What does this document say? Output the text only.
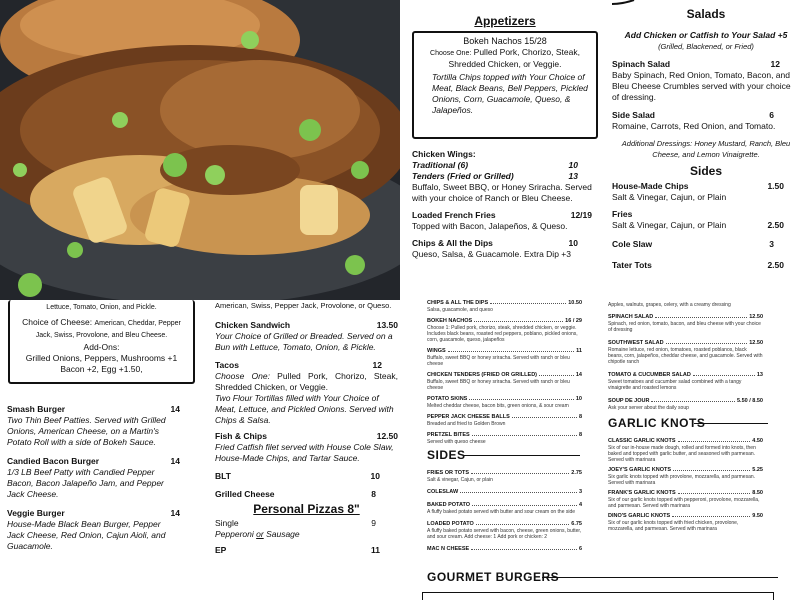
Appetizers
Bokeh Nachos 15/28
Choose One: Pulled Pork, Chorizo, Steak, Shredded Chicken, or Veggie.
Tortilla Chips topped with Your Choice of Meat, Black Beans, Bell Peppers, Pickled Onions, Corn, Guacamole, Queso, & Jalapeños.
Chicken Wings:
Traditional (6)	10
Tenders (Fried or Grilled)	13
Buffalo, Sweet BBQ, or Honey Sriracha. Served with your choice of Ranch or Bleu Cheese.
Loaded French Fries	12/19
Topped with Bacon, Jalapeños, & Queso.
Chips & All the Dips	10
Queso, Salsa, & Guacamole. Extra Dip +3
Salads
Add Chicken or Catfish to Your Salad +5
(Grilled, Blackened, or Fried)
Spinach Salad	12
Baby Spinach, Red Onion, Tomato, Bacon, and Bleu Cheese Crumbles served with your choice of dressing.
Side Salad	6
Romaine, Carrots, Red Onion, and Tomato.
Additional Dressings: Honey Mustard, Ranch, Bleu Cheese, and Lemon Vinaigrette.
Sides
House-Made Chips	1.50
Salt & Vinegar, Cajun, or Plain
Fries
Salt & Vinegar, Cajun, or Plain	2.50
Cole Slaw	3
Tater Tots	2.50
Lettuce, Tomato, Onion, and Pickle.
Choice of Cheese: American, Cheddar, Pepper Jack, Swiss, Provolone, and Bleu Cheese.
Add-Ons:
Grilled Onions, Peppers, Mushrooms +1 Bacon +2, Egg +1.50,
Smash Burger	14
Two Thin Beef Patties. Served with Grilled Onions, American Cheese, on a Martin's Potato Roll with a side of Bokeh Sauce.
Candied Bacon Burger	14
1/3 LB Beef Patty with Candied Pepper Bacon, Bacon Jalapeño Jam, and Pepper Jack Cheese.
Veggie Burger	14
House-Made Black Bean Burger, Pepper Jack Cheese, Red Onion, Cajun Aioli, and Guacamole.
American, Swiss, Pepper Jack, Provolone, or Queso.
Chicken Sandwich	13.50
Your Choice of Grilled or Breaded. Served on a Bun with Lettuce, Tomato, Onion, & Pickle.
Tacos	12
Choose One: Pulled Pork, Chorizo, Steak, Shredded Chicken, or Veggie.
Two Flour Tortillas filled with Your Choice of Meat, Lettuce, and Pickled Onions. Served with Chips & Salsa.
Fish & Chips	12.50
Fried Catfish filet served with House Cole Slaw, House-Made Chips, and Tartar Sauce.
BLT	10
Grilled Cheese	8
Personal Pizzas 8"
Single	9
Pepperoni or Sausage
EP	11
CHIPS & ALL THE DIPS	10.50
Salsa, guacamole, and queso
BOKEH NACHOS	16 / 29
Choose 1: Pulled pork, chorizo, steak, shredded chicken, or veggie. Includes black beans, roasted red peppers, poblano, pickled onions, corn, guacamole, queso, jalapeños
WINGS	11
Buffalo, sweet BBQ or honey sriracha. Served with ranch or bleu cheese
CHICKEN TENDERS (FRIED OR GRILLED)	14
Buffalo, sweet BBQ or honey sriracha. Served with ranch or bleu cheese
POTATO SKINS	10
Melted cheddar cheese, bacon bits, green onions, & sour cream
PEPPER JACK CHEESE BALLS	8
Breaded and fried to Golden Brown
PRETZEL BITES	8
Served with queso cheese
SIDES
FRIES OR TOTS	2.75
Salt & vinegar, Cajun, or plain
COLESLAW	3
BAKED POTATO	4
A fluffy baked potato served with butter and sour cream on the side
LOADED POTATO	6.75
A fluffy baked potato served with bacon, cheese, green onions, butter, and sour cream. Add cheese: 1 Add pork or chicken: 2
MAC N CHEESE	6
GOURMET BURGERS
Apples, walnuts, grapes, celery, with a creamy dressing
SPINACH SALAD	12.50
Spinach, red onion, tomato, bacon, and bleu cheese with your choice of dressing
SOUTHWEST SALAD	12.50
Romaine lettuce, red onion, tomatoes, roasted poblanos, black beans, corn, jalapeños, cheddar cheese, and guacamole. Served with chipotle ranch
TOMATO & CUCUMBER SALAD	13
Sweet tomatoes and cucumber salad combined with a tangy vinaigrette and roasted lemons
SOUP DE JOUR	5.50 / 8.50
Ask your server about the daily soup
GARLIC KNOTS
CLASSIC GARLIC KNOTS	4.50
Six of our in-house made dough, rolled and formed into knots, then baked and topped with garlic butter, and seasoned with parmesan. Served with marinara
JOEY'S GARLIC KNOTS	5.25
Six garlic knots topped with provolone, mozzarella, and parmesan. Served with marinara
FRANK'S GARLIC KNOTS	8.50
Six of our garlic knots topped with pepperoni, provolone, mozzarella, and parmesan. Served with marinara
DINO'S GARLIC KNOTS	9.50
Six of our garlic knots topped with fried chicken, provolone, mozzarella, and parmesan. Served with marinara
